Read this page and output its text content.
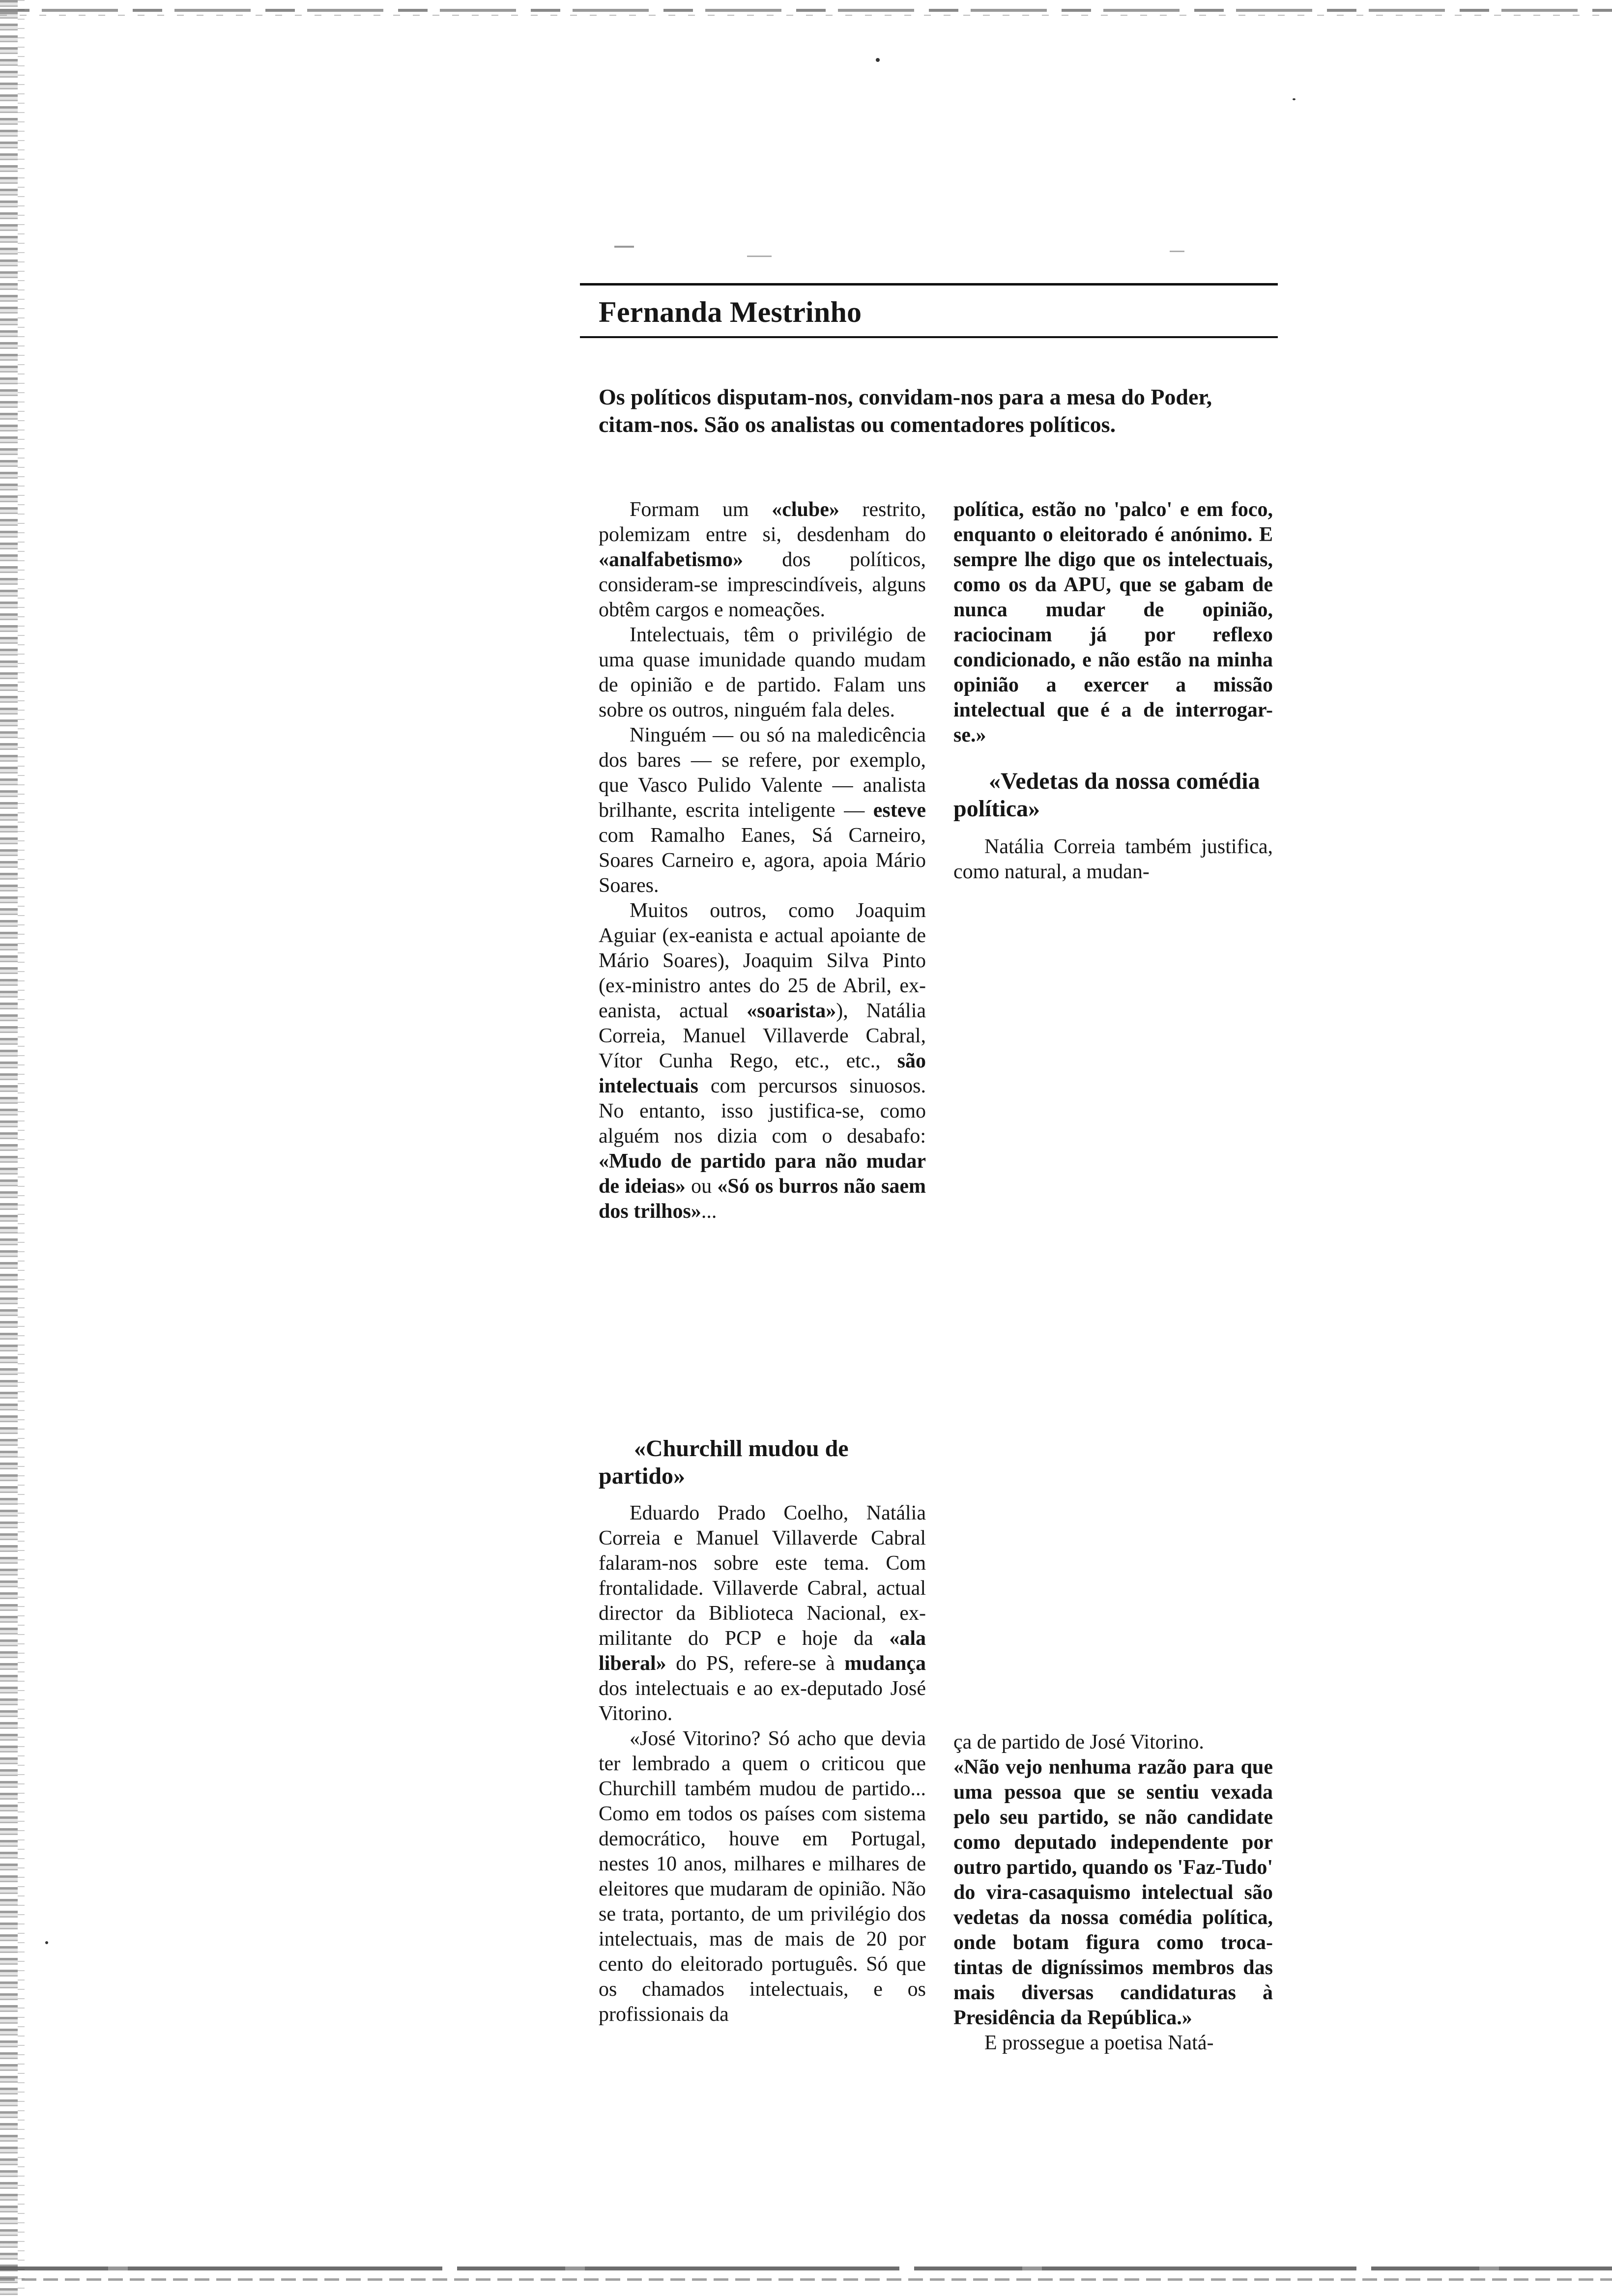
Fernanda Mestrinho

Os políticos disputam-nos, convidam-nos para a mesa do Poder, citam-nos. São os analistas ou comentadores políticos.

Formam um «clube» restrito, polemizam entre si, desdenham do «analfabetismo» dos políticos, consideram-se imprescindíveis, alguns obtêm cargos e nomeações.

Intelectuais, têm o privilégio de uma quase imunidade quando mudam de opinião e de partido. Falam uns sobre os outros, ninguém fala deles.

Ninguém — ou só na maledicência dos bares — se refere, por exemplo, que Vasco Pulido Valente — analista brilhante, escrita inteligente — esteve com Ramalho Eanes, Sá Carneiro, Soares Carneiro e, agora, apoia Mário Soares.

Muitos outros, como Joaquim Aguiar (ex-eanista e actual apoiante de Mário Soares), Joaquim Silva Pinto (ex-ministro antes do 25 de Abril, ex-eanista, actual «soarista»), Natália Correia, Manuel Villaverde Cabral, Vítor Cunha Rego, etc., etc., são intelectuais com percursos sinuosos. No entanto, isso justifica-se, como alguém nos dizia com o desabafo: «Mudo de partido para não mudar de ideias» ou «Só os burros não saem dos trilhos»...

política, estão no 'palco' e em foco, enquanto o eleitorado é anónimo. E sempre lhe digo que os intelectuais, como os da APU, que se gabam de nunca mudar de opinião, raciocinam já por reflexo condicionado, e não estão na minha opinião a exercer a missão intelectual que é a de interrogar-se.»

«Vedetas da nossa comédia política»

Natália Correia também justifica, como natural, a mudan-

«Churchill mudou de partido»

Eduardo Prado Coelho, Natália Correia e Manuel Villaverde Cabral falaram-nos sobre este tema. Com frontalidade. Villaverde Cabral, actual director da Biblioteca Nacional, ex-militante do PCP e hoje da «ala liberal» do PS, refere-se à mudança dos intelectuais e ao ex-deputado José Vitorino.

«José Vitorino? Só acho que devia ter lembrado a quem o criticou que Churchill também mudou de partido... Como em todos os países com sistema democrático, houve em Portugal, nestes 10 anos, milhares e milhares de eleitores que mudaram de opinião. Não se trata, portanto, de um privilégio dos intelectuais, mas de mais de 20 por cento do eleitorado português. Só que os chamados intelectuais, e os profissionais da

ça de partido de José Vitorino.

«Não vejo nenhuma razão para que uma pessoa que se sentiu vexada pelo seu partido, se não candidate como deputado independente por outro partido, quando os 'Faz-Tudo' do vira-casaquismo intelectual são vedetas da nossa comédia política, onde botam figura como troca-tintas de digníssimos membros das mais diversas candidaturas à Presidência da República.»

E prossegue a poetisa Natá-
